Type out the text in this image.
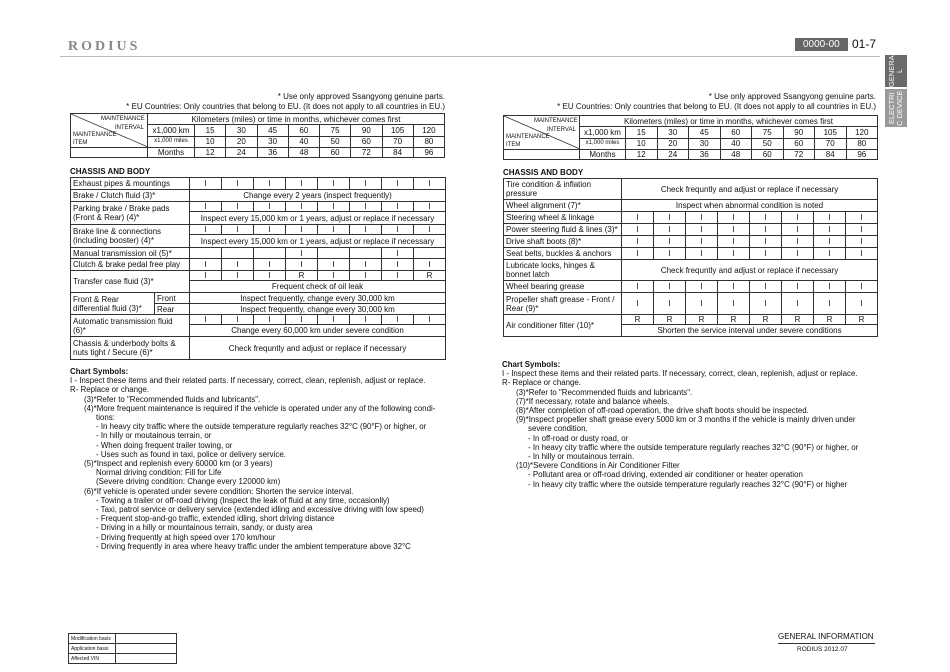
RODIUS	0000-00	01-7
GENERA L
ELECTRI C DEVICE
* Use only approved Ssangyong genuine parts.
* EU Countries: Only countries that belong to EU. (It does not apply to all countries in EU.)
MAINTENANCE
INTERVAL
MAINTENANCE
ITEM	Kilometers (miles) or time in months, whichever comes first								
	x1,000 km	15	30	45	60	75	90	105	120
	x1,000 miles	10	20	30	40	50	60	70	80
	Months	12	24	36	48	60	72	84	96
CHASSIS AND BODY
Exhaust pipes & mountings		I	I	I	I	I	I	I	I
Brake / Clutch fluid (3)*		Change every 2 years (inspect frequently)							
Parking brake / Brake pads (Front & Rear) (4)*		I	I	I	I	I	I	I	I
		Inspect every 15,000 km or 1 years, adjust or replace if necessary							
Brake line & connections (including booster) (4)*		I	I	I	I	I	I	I	I
		Inspect every 15,000 km or 1 years, adjust or replace if necessary							
Manual transmission oil (5)*					I			I	
Clutch & brake pedal free play		I	I	I	I	I	I	I	I
Transfer case fluid (3)*		I	I	I	R	I	I	I	R
		Frequent check of oil leak							
Front & Rear differential fluid (3)*	Front	Inspect frequently, change every 30,000 km							
	Rear	Inspect frequently, change every 30,000 km							
Automatic transmission fluid (6)*		I	I	I	I	I	I	I	I
		Change every 60,000 km under severe condition							
Chassis & underbody bolts & nuts tight / Secure (6)*		Check frequntly and adjust or replace if necessary							
Chart Symbols:
I - Inspect these items and their related parts. If necessary, correct, clean, replenish, adjust or replace.
R- Replace or change.
(3)*Refer to "Recommended fluids and lubricants".
(4)*More frequent maintenance is required if the vehicle is operated under any of the following condi-
tions:
- In heavy city traffic where the outside temperature regularly reaches 32°C (90°F) or higher, or
- In hilly or moutainous terrain, or
- When doing frequent trailer towing, or
- Uses such as found in taxi, police or delivery service.
(5)*Inspect and replenish every 60000 km (or 3 years)
Normal driving condition: Fill for Life
(Severe driving condition: Change every 120000 km)
(6)*If vehicle is operated under severe condition: Shorten the service interval.
- Towing a trailer or off-road driving (Inspect the leak of fluid at any time, occasionlly)
- Taxi, patrol service or delivery service (extended idling and excessive driving with low speed)
- Frequent stop-and-go traffic, extended idling, short driving distance
- Driving in a hilly or mountainous terrain, sandy, or dusty area
- Driving frequently at high speed over 170 km/hour
- Driving frequently in area where heavy traffic under the ambient temperature above 32°C
* Use only approved Ssangyong genuine parts.
* EU Countries: Only countries that belong to EU. (It does not apply to all countries in EU.)
MAINTENANCE
INTERVAL
MAINTENANCE
ITEM	Kilometers (miles) or time in months, whichever comes first								
	x1,000 km	15	30	45	60	75	90	105	120
	x1,000 miles	10	20	30	40	50	60	70	80
	Months	12	24	36	48	60	72	84	96
CHASSIS AND BODY
Tire condition & inflation pressure	Check frequntly and adjust or replace if necessary							
Wheel alignment (7)*	Inspect when abnormal condition is noted							
Steering wheel & linkage	I	I	I	I	I	I	I	I
Power steering fluid & lines (3)*	I	I	I	I	I	I	I	I
Drive shaft boots (8)*	I	I	I	I	I	I	I	I
Seat belts, buckles & anchors	I	I	I	I	I	I	I	I
Lubricate locks, hinges & bonnet latch	Check frequntly and adjust or replace if necessary							
Wheel bearing grease	I	I	I	I	I	I	I	I
Propeller shaft grease - Front / Rear (9)*	I	I	I	I	I	I	I	I
Air conditioner filter (10)*	R	R	R	R	R	R	R	R
	Shorten the service interval under severe conditions							
Chart Symbols:
I - Inspect these items and their related parts. If necessary, correct, clean, replenish, adjust or replace.
R- Replace or change.
(3)*Refer to "Recommended fluids and lubricants".
(7)*If necessary, rotate and balance wheels.
(8)*After completion of off-road operation, the drive shaft boots should be inspected.
(9)*Inspect propeller shaft grease every 5000 km or 3 months if the vehicle is mainly driven under
severe condition.
- In off-road or dusty road, or
- In heavy city traffic where the outside temperature regularly reaches 32°C (90°F) or higher, or
- In hilly or moutainous terrain.
(10)*Severe Conditions in Air Conditioner Filter
- Pollutant area or off-road driving, extended air conditioner or heater operation
- In heavy city traffic where the outside temperature regularly reaches 32°C (90°F) or higher
Modification basis	
Application basis	
Affected VIN	
GENERAL INFORMATION
RODIUS 2012.07
